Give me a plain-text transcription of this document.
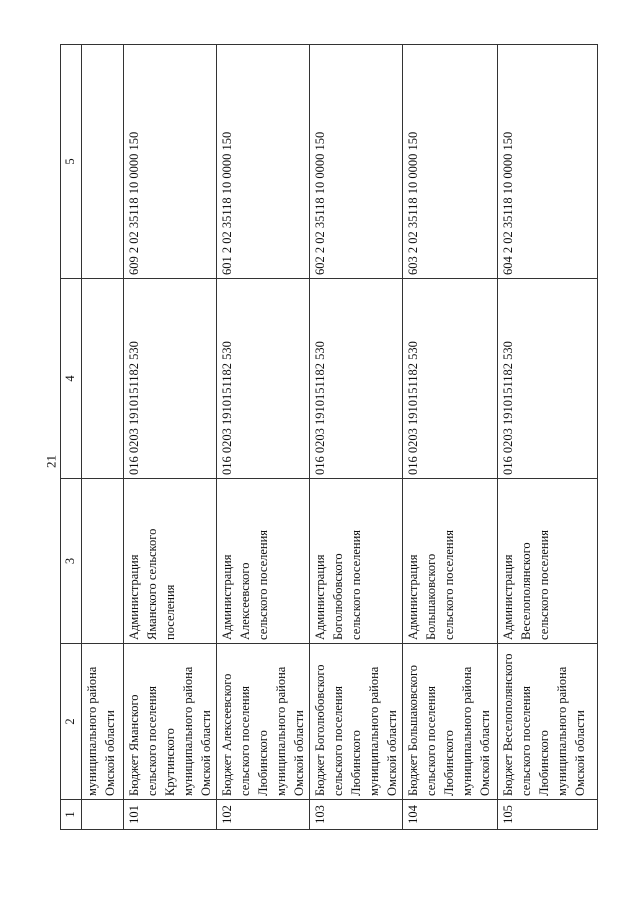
21
1	2	3	4	5

	муниципального района
Омской области			

101	Бюджет Яманского
сельского поселения
Крутинского
муниципального района
Омской области	Администрация
Яманского сельского
поселения	016 0203 1910151182 530	609 2 02 35118 10 0000 150
102	Бюджет Алексеевского
сельского поселения
Любинского
муниципального района
Омской области	Администрация
Алексеевского
сельского поселения	016 0203 1910151182 530	601 2 02 35118 10 0000 150
103	Бюджет Боголюбовского
сельского поселения
Любинского
муниципального района
Омской области	Администрация
Боголюбовского
сельского поселения	016 0203 1910151182 530	602 2 02 35118 10 0000 150
104	Бюджет Большаковского
сельского поселения
Любинского
муниципального района
Омской области	Администрация
Большаковского
сельского поселения	016 0203 1910151182 530	603 2 02 35118 10 0000 150
105	Бюджет Веселополянского
сельского поселения
Любинского
муниципального района
Омской области	Администрация
Веселополянского
сельского поселения	016 0203 1910151182 530	604 2 02 35118 10 0000 150
